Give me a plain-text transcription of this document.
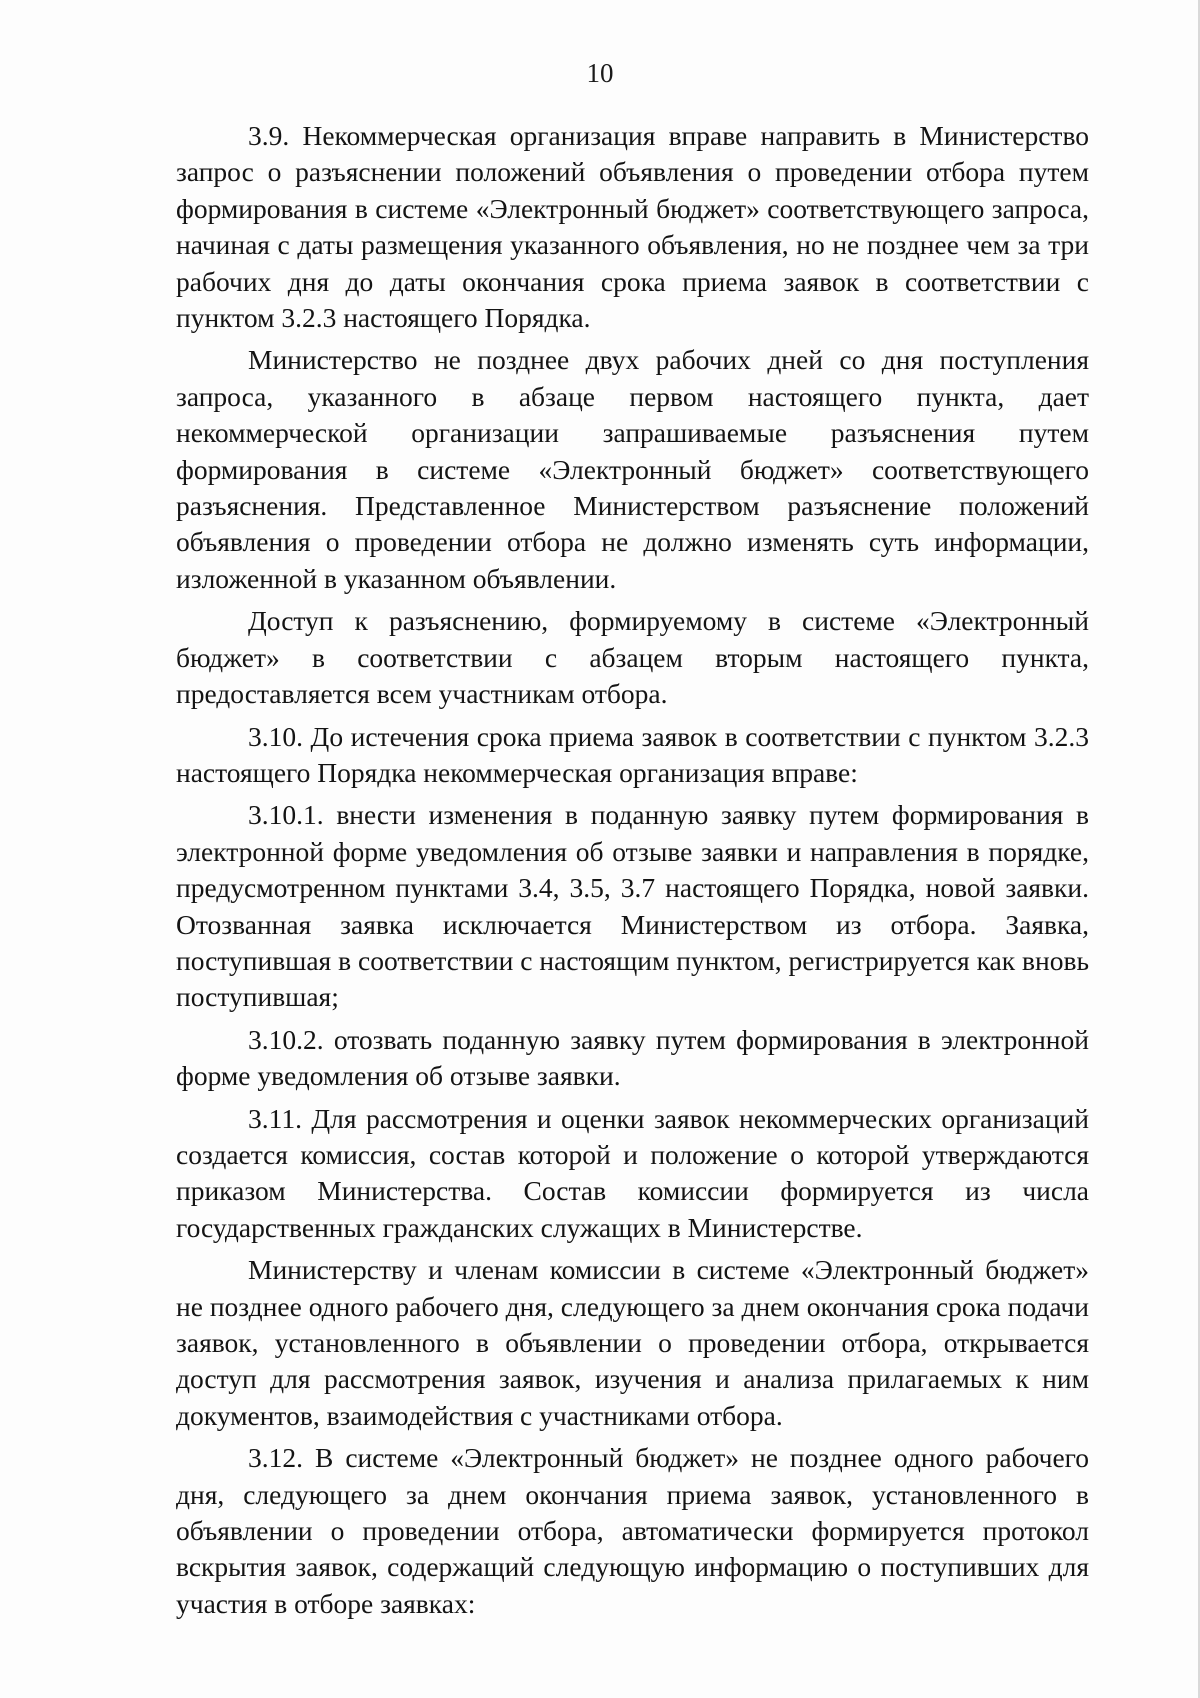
10

3.9. Некоммерческая организация вправе направить в Министерство запрос о разъяснении положений объявления о проведении отбора путем формирования в системе «Электронный бюджет» соответствующего запроса, начиная с даты размещения указанного объявления, но не позднее чем за три рабочих дня до даты окончания срока приема заявок в соответствии с пунктом 3.2.3 настоящего Порядка.

Министерство не позднее двух рабочих дней со дня поступления запроса, указанного в абзаце первом настоящего пункта, дает некоммерческой организации запрашиваемые разъяснения путем формирования в системе «Электронный бюджет» соответствующего разъяснения. Представленное Министерством разъяснение положений объявления о проведении отбора не должно изменять суть информации, изложенной в указанном объявлении.

Доступ к разъяснению, формируемому в системе «Электронный бюджет» в соответствии с абзацем вторым настоящего пункта, предоставляется всем участникам отбора.

3.10. До истечения срока приема заявок в соответствии с пунктом 3.2.3 настоящего Порядка некоммерческая организация вправе:

3.10.1. внести изменения в поданную заявку путем формирования в электронной форме уведомления об отзыве заявки и направления в порядке, предусмотренном пунктами 3.4, 3.5, 3.7 настоящего Порядка, новой заявки. Отозванная заявка исключается Министерством из отбора. Заявка, поступившая в соответствии с настоящим пунктом, регистрируется как вновь поступившая;

3.10.2. отозвать поданную заявку путем формирования в электронной форме уведомления об отзыве заявки.

3.11. Для рассмотрения и оценки заявок некоммерческих организаций создается комиссия, состав которой и положение о которой утверждаются приказом Министерства. Состав комиссии формируется из числа государственных гражданских служащих в Министерстве.

Министерству и членам комиссии в системе «Электронный бюджет» не позднее одного рабочего дня, следующего за днем окончания срока подачи заявок, установленного в объявлении о проведении отбора, открывается доступ для рассмотрения заявок, изучения и анализа прилагаемых к ним документов, взаимодействия с участниками отбора.

3.12. В системе «Электронный бюджет» не позднее одного рабочего дня, следующего за днем окончания приема заявок, установленного в объявлении о проведении отбора, автоматически формируется протокол вскрытия заявок, содержащий следующую информацию о поступивших для участия в отборе заявках:
